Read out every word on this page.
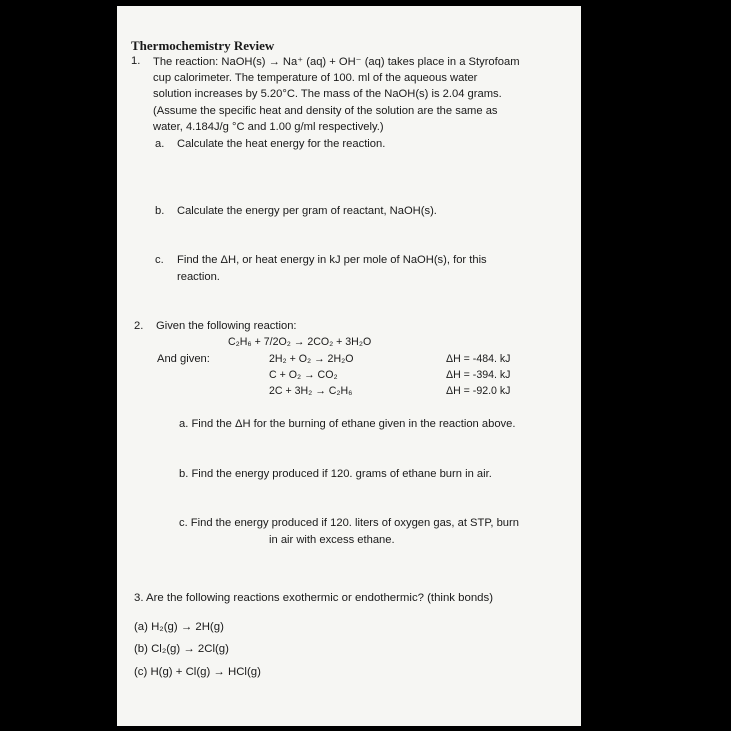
Thermochemistry Review
1. The reaction: NaOH(s) → Na⁺ (aq) + OH⁻ (aq) takes place in a Styrofoam
cup calorimeter. The temperature of 100. ml of the aqueous water
solution increases by 5.20°C. The mass of the NaOH(s) is 2.04 grams.
(Assume the specific heat and density of the solution are the same as
water, 4.184J/g °C and 1.00 g/ml respectively.)
a. Calculate the heat energy for the reaction.
b. Calculate the energy per gram of reactant, NaOH(s).
c. Find the ΔH, or heat energy in kJ per mole of NaOH(s), for this
reaction.
2. Given the following reaction:
C₂H₆ + 7/2O₂ → 2CO₂ + 3H₂O
And given:	2H₂ + O₂ → 2H₂O	ΔH = -484. kJ
C + O₂ → CO₂	ΔH = -394. kJ
2C + 3H₂ → C₂H₆	ΔH = -92.0 kJ
a. Find the ΔH for the burning of ethane given in the reaction above.
b. Find the energy produced if 120. grams of ethane burn in air.
c. Find the energy produced if 120. liters of oxygen gas, at STP, burn
in air with excess ethane.
3. Are the following reactions exothermic or endothermic? (think bonds)
(a) H₂(g) → 2H(g)
(b) Cl₂(g) → 2Cl(g)
(c) H(g) + Cl(g) → HCl(g)
